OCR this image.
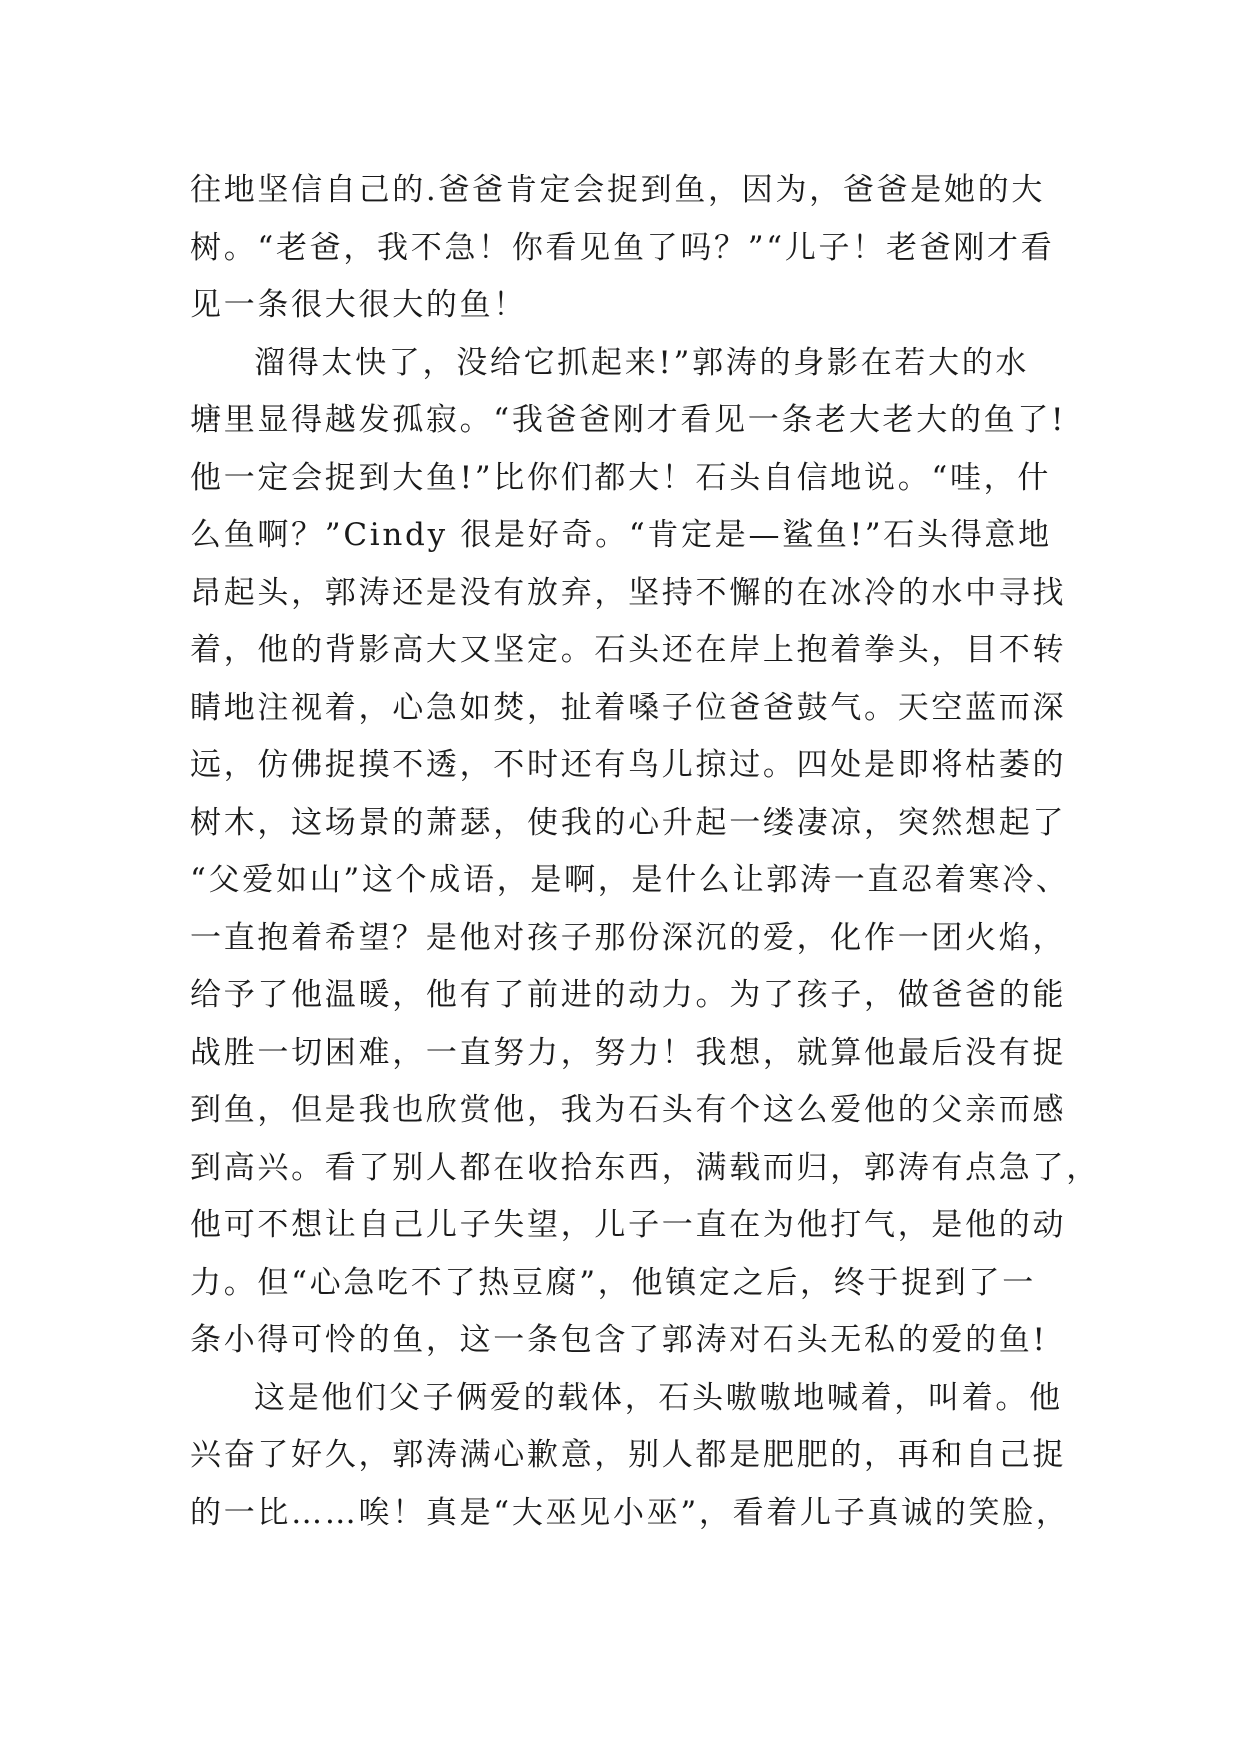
往地坚信自己的.爸爸肯定会捉到鱼，因为，爸爸是她的大
树。“老爸，我不急！你看见鱼了吗？”“儿子！老爸刚才看
见一条很大很大的鱼！
溜得太快了，没给它抓起来!”郭涛的身影在若大的水
塘里显得越发孤寂。“我爸爸刚才看见一条老大老大的鱼了!
他一定会捉到大鱼!”比你们都大！石头自信地说。“哇，什
么鱼啊？”Cindy 很是好奇。“肯定是—鲨鱼!”石头得意地
昂起头，郭涛还是没有放弃，坚持不懈的在冰冷的水中寻找
着，他的背影高大又坚定。石头还在岸上抱着拳头，目不转
睛地注视着，心急如焚，扯着嗓子位爸爸鼓气。天空蓝而深
远，仿佛捉摸不透，不时还有鸟儿掠过。四处是即将枯萎的
树木，这场景的萧瑟，使我的心升起一缕凄凉，突然想起了
“父爱如山”这个成语，是啊，是什么让郭涛一直忍着寒冷、
一直抱着希望？是他对孩子那份深沉的爱，化作一团火焰，
给予了他温暖，他有了前进的动力。为了孩子，做爸爸的能
战胜一切困难，一直努力，努力！我想，就算他最后没有捉
到鱼，但是我也欣赏他，我为石头有个这么爱他的父亲而感
到高兴。看了别人都在收拾东西，满载而归，郭涛有点急了，
他可不想让自己儿子失望，儿子一直在为他打气，是他的动
力。但“心急吃不了热豆腐”，他镇定之后，终于捉到了一
条小得可怜的鱼，这一条包含了郭涛对石头无私的爱的鱼!
这是他们父子俩爱的载体，石头嗷嗷地喊着，叫着。他
兴奋了好久，郭涛满心歉意，别人都是肥肥的，再和自己捉
的一比……唉！真是“大巫见小巫”，看着儿子真诚的笑脸，
